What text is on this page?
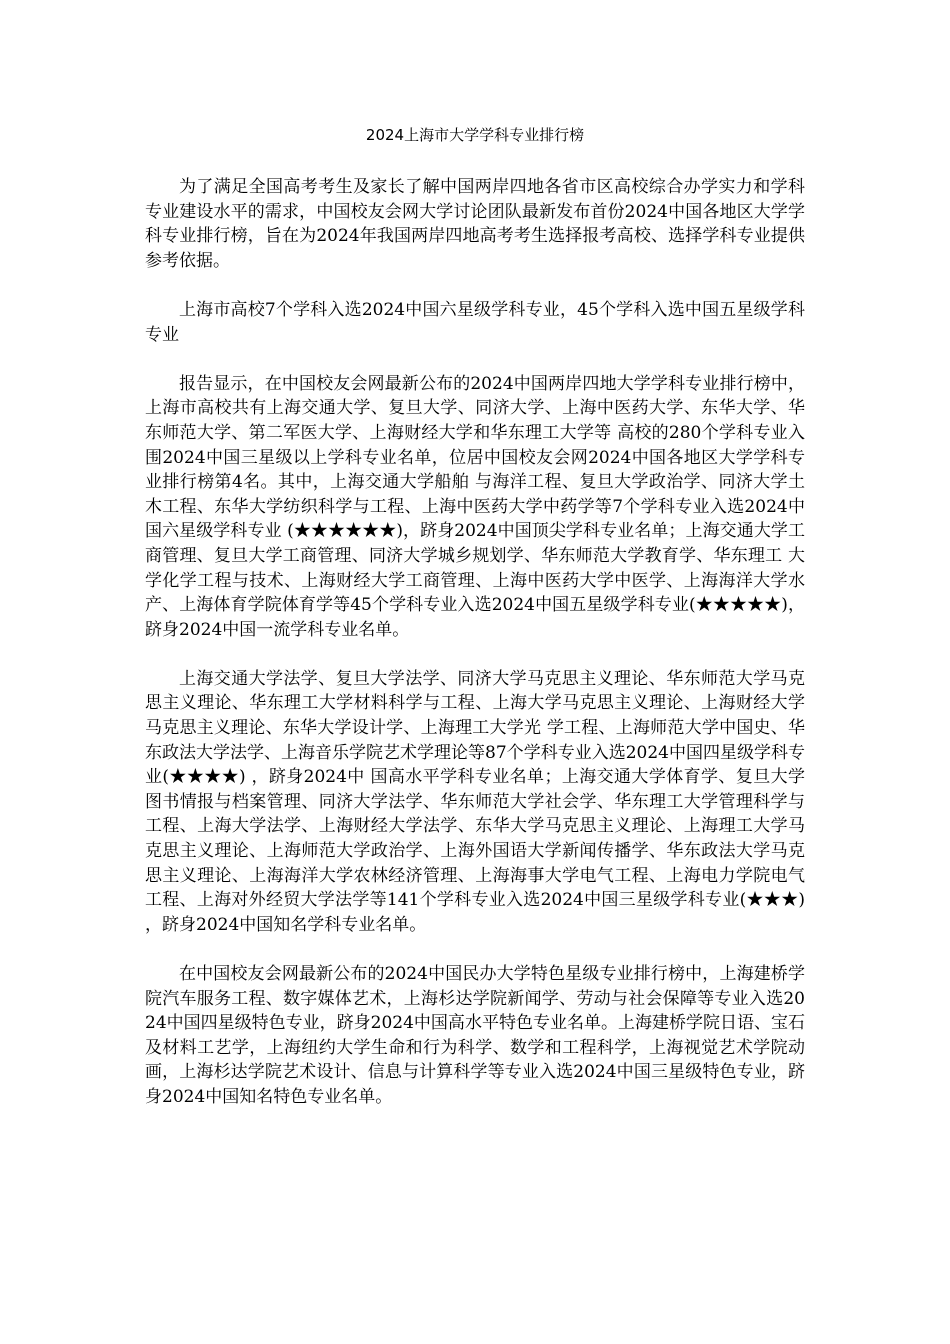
2024上海市大学学科专业排行榜

为了满足全国高考考生及家长了解中国两岸四地各省市区高校综合办学实力和学科专业建设水平的需求，中国校友会网大学讨论团队最新发布首份2024中国各地区大学学科专业排行榜，旨在为2024年我国两岸四地高考考生选择报考高校、选择学科专业提供参考依据。

上海市高校7个学科入选2024中国六星级学科专业，45个学科入选中国五星级学科专业

报告显示，在中国校友会网最新公布的2024中国两岸四地大学学科专业排行榜中，上海市高校共有上海交通大学、复旦大学、同济大学、上海中医药大学、东华大学、华东师范大学、第二军医大学、上海财经大学和华东理工大学等 高校的280个学科专业入围2024中国三星级以上学科专业名单，位居中国校友会网2024中国各地区大学学科专业排行榜第4名。其中，上海交通大学船舶 与海洋工程、复旦大学政治学、同济大学土木工程、东华大学纺织科学与工程、上海中医药大学中药学等7个学科专业入选2024中国六星级学科专业 (★★★★★★)，跻身2024中国顶尖学科专业名单；上海交通大学工商管理、复旦大学工商管理、同济大学城乡规划学、华东师范大学教育学、华东理工 大学化学工程与技术、上海财经大学工商管理、上海中医药大学中医学、上海海洋大学水产、上海体育学院体育学等45个学科专业入选2024中国五星级学科专业(★★★★★)，跻身2024中国一流学科专业名单。

上海交通大学法学、复旦大学法学、同济大学马克思主义理论、华东师范大学马克思主义理论、华东理工大学材料科学与工程、上海大学马克思主义理论、上海财经大学马克思主义理论、东华大学设计学、上海理工大学光 学工程、上海师范大学中国史、华东政法大学法学、上海音乐学院艺术学理论等87个学科专业入选2024中国四星级学科专业(★★★★) ，跻身2024中 国高水平学科专业名单；上海交通大学体育学、复旦大学图书情报与档案管理、同济大学法学、华东师范大学社会学、华东理工大学管理科学与工程、上海大学法学、上海财经大学法学、东华大学马克思主义理论、上海理工大学马克思主义理论、上海师范大学政治学、上海外国语大学新闻传播学、华东政法大学马克思主义理论、上海海洋大学农林经济管理、上海海事大学电气工程、上海电力学院电气工程、上海对外经贸大学法学等141个学科专业入选2024中国三星级学科专业(★★★)，跻身2024中国知名学科专业名单。

在中国校友会网最新公布的2024中国民办大学特色星级专业排行榜中，上海建桥学院汽车服务工程、数字媒体艺术，上海杉达学院新闻学、劳动与社会保障等专业入选2024中国四星级特色专业，跻身2024中国高水平特色专业名单。上海建桥学院日语、宝石及材料工艺学，上海纽约大学生命和行为科学、数学和工程科学，上海视觉艺术学院动画，上海杉达学院艺术设计、信息与计算科学等专业入选2024中国三星级特色专业，跻身2024中国知名特色专业名单。
